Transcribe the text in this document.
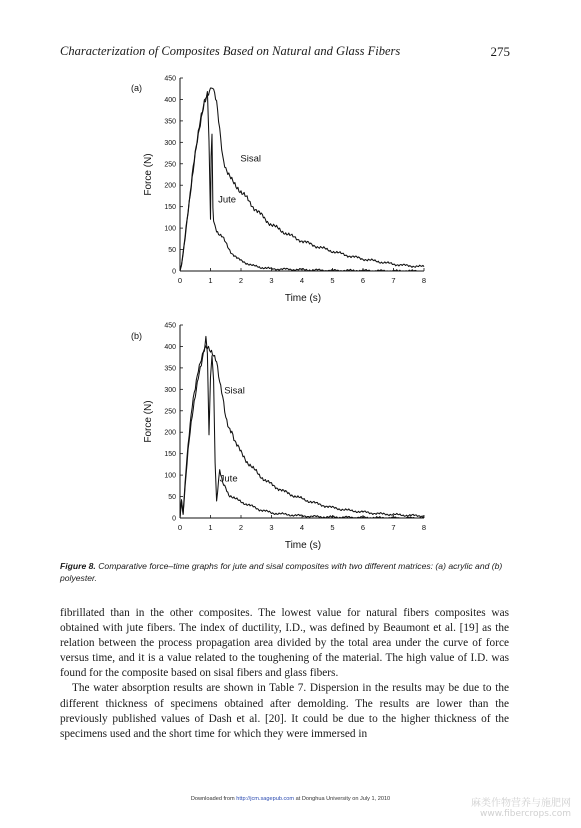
Characterization of Composites Based on Natural and Glass Fibers	275
(a)
0
50
100
150
200
250
300
350
400
450
0	1	2	3	4	5	6	7	8
Time (s)
Force (N)	Sisal
Jute
(b)
0
50
100
150
200
250
300
350
400
450
0	1	2	3	4	5	6	7	8
Time (s)
Force (N)
Sisal
Jute
Figure 8. Comparative force–time graphs for jute and sisal composites with two different matrices: (a) acrylic and (b) polyester.

fibrillated than in the other composites. The lowest value for natural fibers composites was obtained with jute fibers. The index of ductility, I.D., was defined by Beaumont et al. [19] as the relation between the process propagation area divided by the total area under the curve of force versus time, and it is a value related to the toughening of the material. The high value of I.D. was found for the composite based on sisal fibers and glass fibers.

The water absorption results are shown in Table 7. Dispersion in the results may be due to the different thickness of specimens obtained after demolding. The results are lower than the previously published values of Dash et al. [20]. It could be due to the higher thickness of the specimens used and the short time for which they were immersed in

Downloaded from http://jcm.sagepub.com at Donghua University on July 1, 2010	麻类作物营养与施肥网
www.fibercrops.com
